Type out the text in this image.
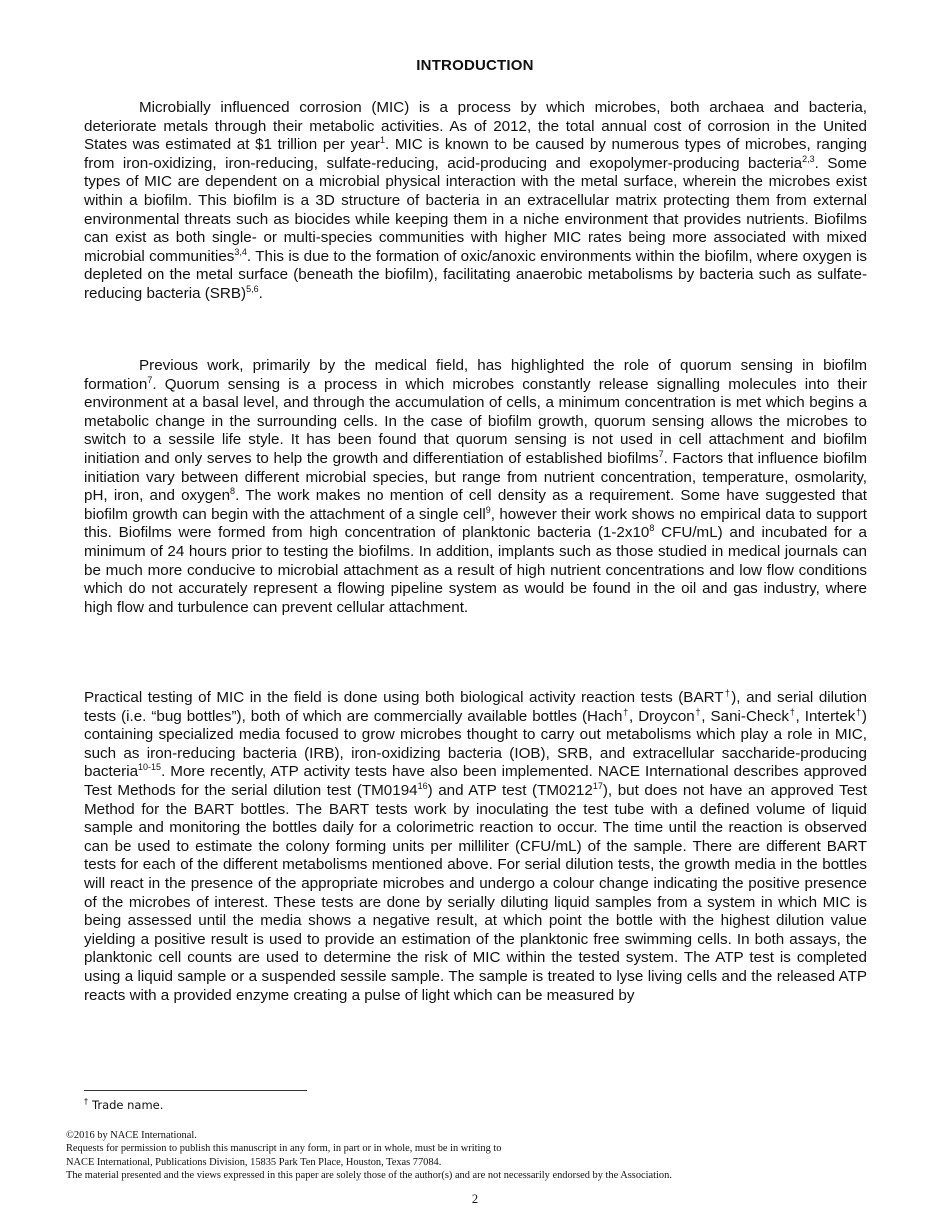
INTRODUCTION

Microbially influenced corrosion (MIC) is a process by which microbes, both archaea and bacteria, deteriorate metals through their metabolic activities. As of 2012, the total annual cost of corrosion in the United States was estimated at $1 trillion per year$^1$. MIC is known to be caused by numerous types of microbes, ranging from iron-oxidizing, iron-reducing, sulfate-reducing, acid-producing and exopolymer-producing bacteria$^{2,3}$. Some types of MIC are dependent on a microbial physical interaction with the metal surface, wherein the microbes exist within a biofilm. This biofilm is a 3D structure of bacteria in an extracellular matrix protecting them from external environmental threats such as biocides while keeping them in a niche environment that provides nutrients. Biofilms can exist as both single- or multi-species communities with higher MIC rates being more associated with mixed microbial communities$^{3,4}$. This is due to the formation of oxic/anoxic environments within the biofilm, where oxygen is depleted on the metal surface (beneath the biofilm), facilitating anaerobic metabolisms by bacteria such as sulfate-reducing bacteria (SRB)$^{5,6}$.

Previous work, primarily by the medical field, has highlighted the role of quorum sensing in biofilm formation$^7$. Quorum sensing is a process in which microbes constantly release signalling molecules into their environment at a basal level, and through the accumulation of cells, a minimum concentration is met which begins a metabolic change in the surrounding cells. In the case of biofilm growth, quorum sensing allows the microbes to switch to a sessile life style. It has been found that quorum sensing is not used in cell attachment and biofilm initiation and only serves to help the growth and differentiation of established biofilms$^7$. Factors that influence biofilm initiation vary between different microbial species, but range from nutrient concentration, temperature, osmolarity, pH, iron, and oxygen$^8$. The work makes no mention of cell density as a requirement. Some have suggested that biofilm growth can begin with the attachment of a single cell$^9$, however their work shows no empirical data to support this. Biofilms were formed from high concentration of planktonic bacteria ($1-2x10^8$ CFU/mL) and incubated for a minimum of 24 hours prior to testing the biofilms. In addition, implants such as those studied in medical journals can be much more conducive to microbial attachment as a result of high nutrient concentrations and low flow conditions which do not accurately represent a flowing pipeline system as would be found in the oil and gas industry, where high flow and turbulence can prevent cellular attachment.

Practical testing of MIC in the field is done using both biological activity reaction tests (BART†), and serial dilution tests (i.e. “bug bottles”), both of which are commercially available bottles (Hach†, Droycon†, Sani-Check†, Intertek†) containing specialized media focused to grow microbes thought to carry out metabolisms which play a role in MIC, such as iron-reducing bacteria (IRB), iron-oxidizing bacteria (IOB), SRB, and extracellular saccharide-producing bacteria$^{10-15}$. More recently, ATP activity tests have also been implemented. NACE International describes approved Test Methods for the serial dilution test (TM0194$^{16}$) and ATP test (TM0212$^{17}$), but does not have an approved Test Method for the BART bottles. The BART tests work by inoculating the test tube with a defined volume of liquid sample and monitoring the bottles daily for a colorimetric reaction to occur. The time until the reaction is observed can be used to estimate the colony forming units per milliliter (CFU/mL) of the sample. There are different BART tests for each of the different metabolisms mentioned above. For serial dilution tests, the growth media in the bottles will react in the presence of the appropriate microbes and undergo a colour change indicating the positive presence of the microbes of interest. These tests are done by serially diluting liquid samples from a system in which MIC is being assessed until the media shows a negative result, at which point the bottle with the highest dilution value yielding a positive result is used to provide an estimation of the planktonic free swimming cells. In both assays, the planktonic cell counts are used to determine the risk of MIC within the tested system. The ATP test is completed using a liquid sample or a suspended sessile sample. The sample is treated to lyse living cells and the released ATP reacts with a provided enzyme creating a pulse of light which can be measured by

† Trade name.
©2016 by NACE International.
Requests for permission to publish this manuscript in any form, in part or in whole, must be in writing to
NACE International, Publications Division, 15835 Park Ten Place, Houston, Texas 77084.
The material presented and the views expressed in this paper are solely those of the author(s) and are not necessarily endorsed by the Association.
2
